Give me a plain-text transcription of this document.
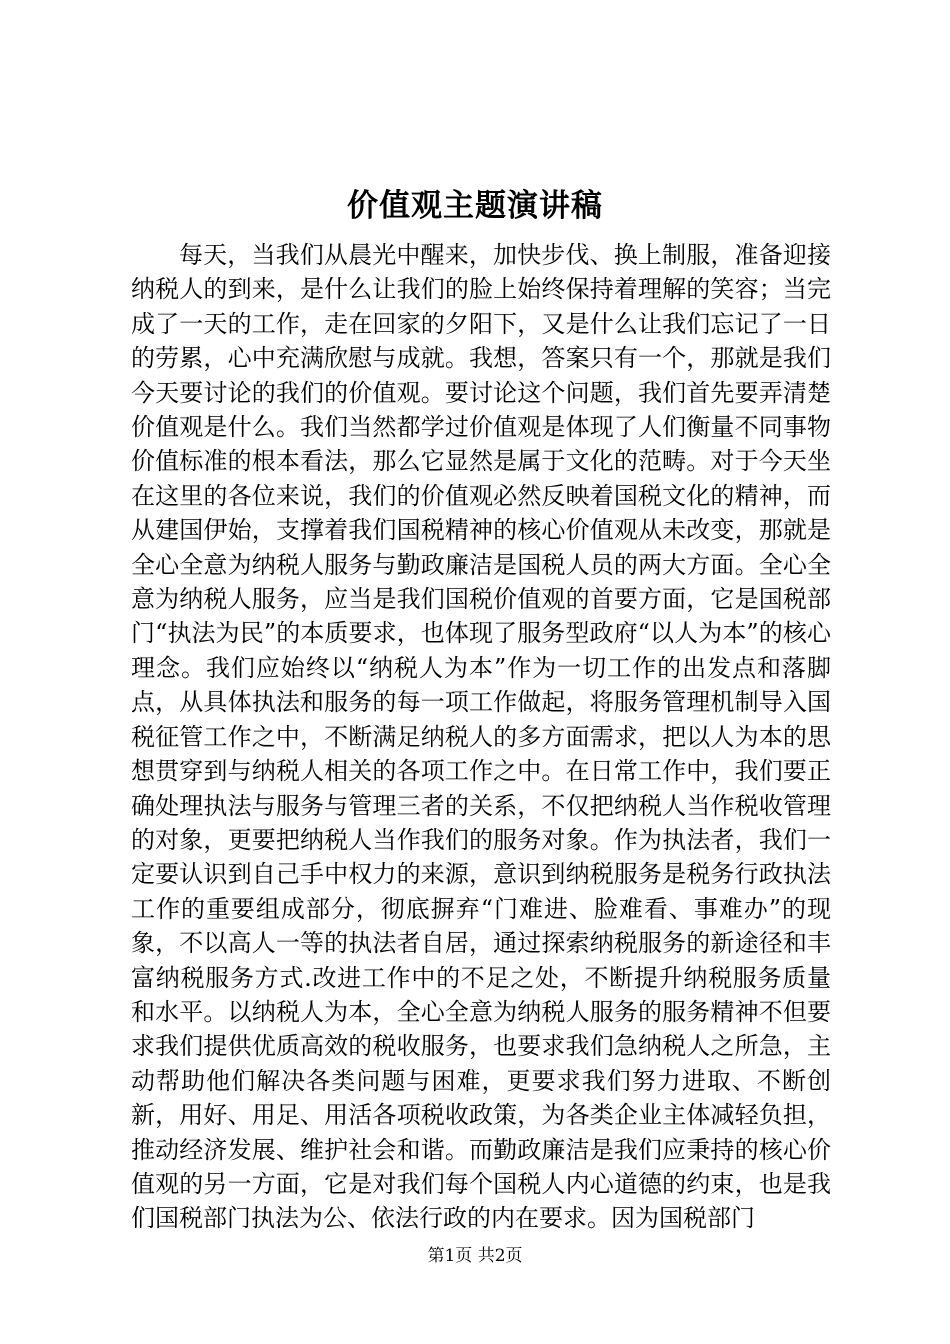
价值观主题演讲稿

每天，当我们从晨光中醒来，加快步伐、换上制服，准备迎接纳税人的到来，是什么让我们的脸上始终保持着理解的笑容；当完成了一天的工作，走在回家的夕阳下，又是什么让我们忘记了一日的劳累，心中充满欣慰与成就。我想，答案只有一个，那就是我们今天要讨论的我们的价值观。要讨论这个问题，我们首先要弄清楚价值观是什么。我们当然都学过价值观是体现了人们衡量不同事物价值标准的根本看法，那么它显然是属于文化的范畴。对于今天坐在这里的各位来说，我们的价值观必然反映着国税文化的精神，而从建国伊始，支撑着我们国税精神的核心价值观从未改变，那就是全心全意为纳税人服务与勤政廉洁是国税人员的两大方面。全心全意为纳税人服务，应当是我们国税价值观的首要方面，它是国税部门“执法为民”的本质要求，也体现了服务型政府“以人为本”的核心理念。我们应始终以“纳税人为本”作为一切工作的出发点和落脚点，从具体执法和服务的每一项工作做起，将服务管理机制导入国税征管工作之中，不断满足纳税人的多方面需求，把以人为本的思想贯穿到与纳税人相关的各项工作之中。在日常工作中，我们要正确处理执法与服务与管理三者的关系，不仅把纳税人当作税收管理的对象，更要把纳税人当作我们的服务对象。作为执法者，我们一定要认识到自己手中权力的来源，意识到纳税服务是税务行政执法工作的重要组成部分，彻底摒弃“门难进、脸难看、事难办”的现象，不以高人一等的执法者自居，通过探索纳税服务的新途径和丰富纳税服务方式.改进工作中的不足之处，不断提升纳税服务质量和水平。以纳税人为本，全心全意为纳税人服务的服务精神不但要求我们提供优质高效的税收服务，也要求我们急纳税人之所急，主动帮助他们解决各类问题与困难，更要求我们努力进取、不断创新，用好、用足、用活各项税收政策，为各类企业主体减轻负担，推动经济发展、维护社会和谐。而勤政廉洁是我们应秉持的核心价值观的另一方面，它是对我们每个国税人内心道德的约束，也是我们国税部门执法为公、依法行政的内在要求。因为国税部门

第1页 共2页
